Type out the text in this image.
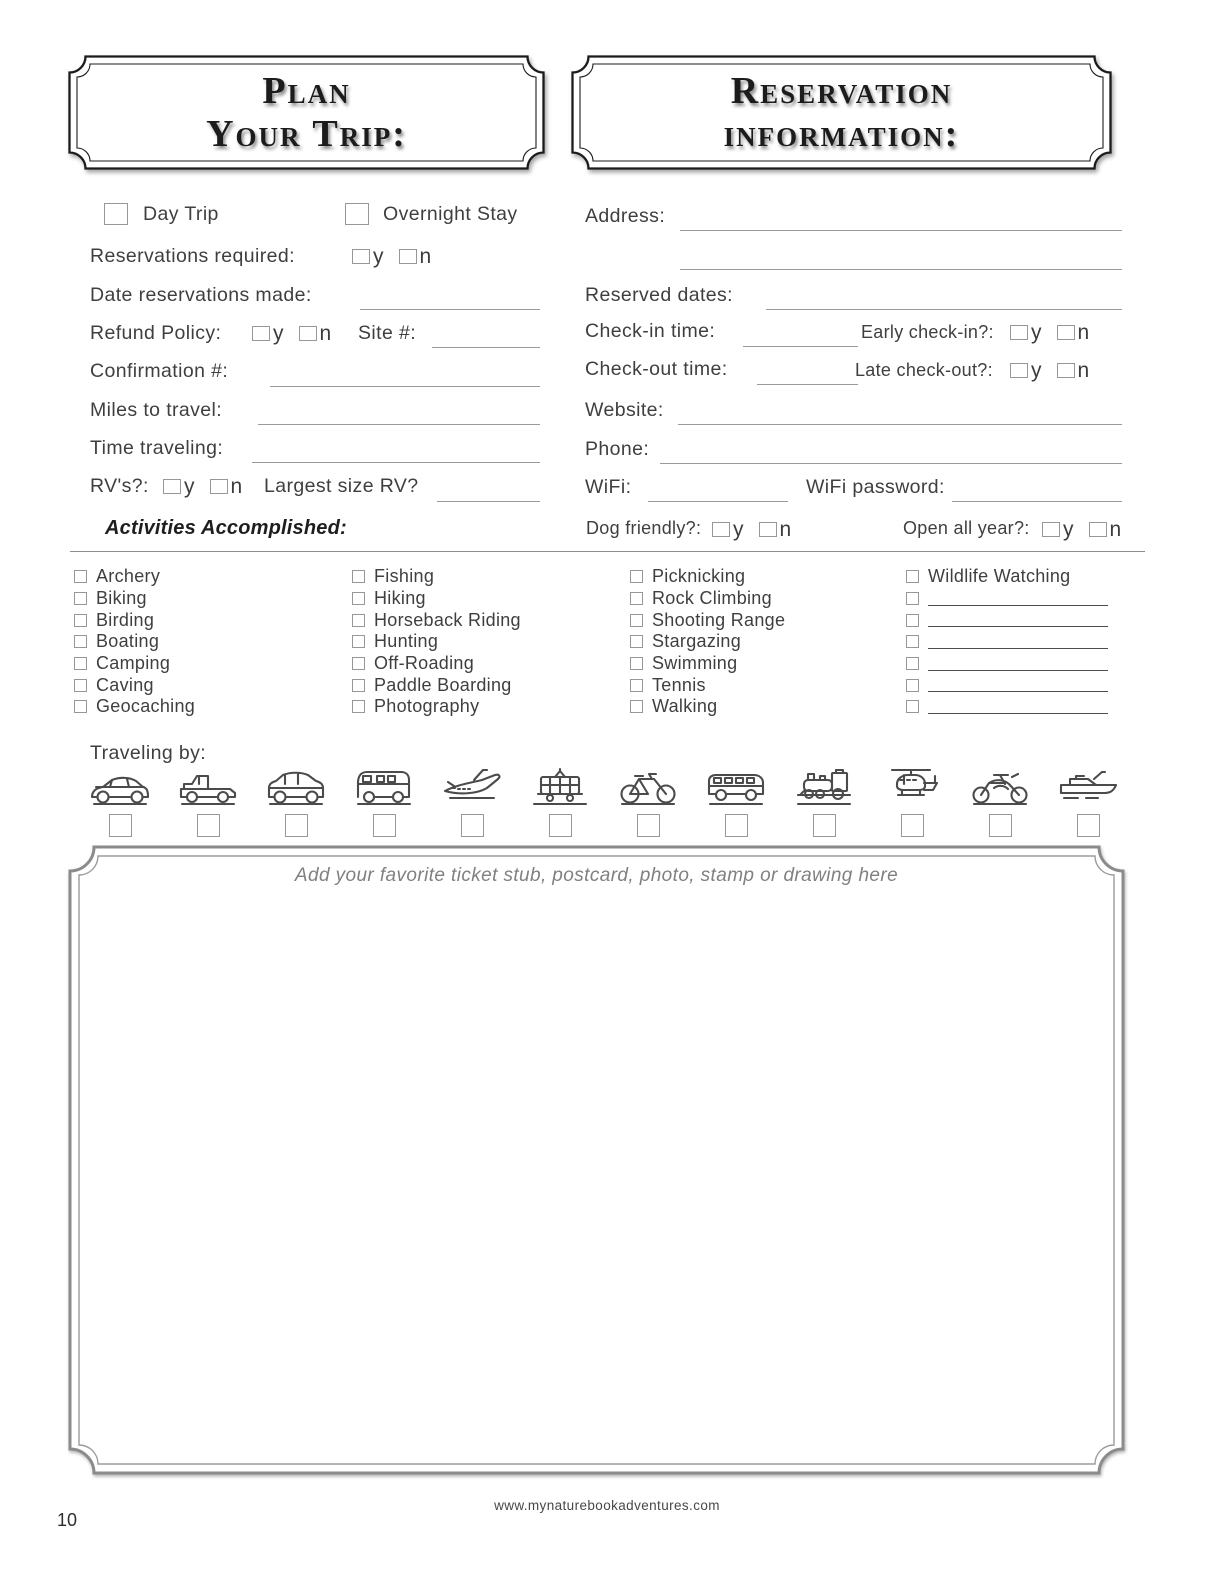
Plan
Your Trip:
Reservation
information:
Day Trip	Overnight Stay
Reservations required:	y n
Date reservations made:
Refund Policy: y n Site #:
Confirmation #:
Miles to travel:
Time traveling:
RV's?: y n Largest size RV?
Activities Accomplished:
Address:
Reserved dates:
Check-in time:	Early check-in?: y n
Check-out time:	Late check-out?: y n
Website:
Phone:
WiFi:	WiFi password:
Dog friendly?: y n	Open all year?: y n
Archery
Biking
Birding
Boating
Camping
Caving
Geocaching
Fishing
Hiking
Horseback Riding
Hunting
Off-Roading
Paddle Boarding
Photography
Picknicking
Rock Climbing
Shooting Range
Stargazing
Swimming
Tennis
Walking
Wildlife Watching
Traveling by:
Add your favorite ticket stub, postcard, photo, stamp or drawing here
www.mynaturebookadventures.com
10
